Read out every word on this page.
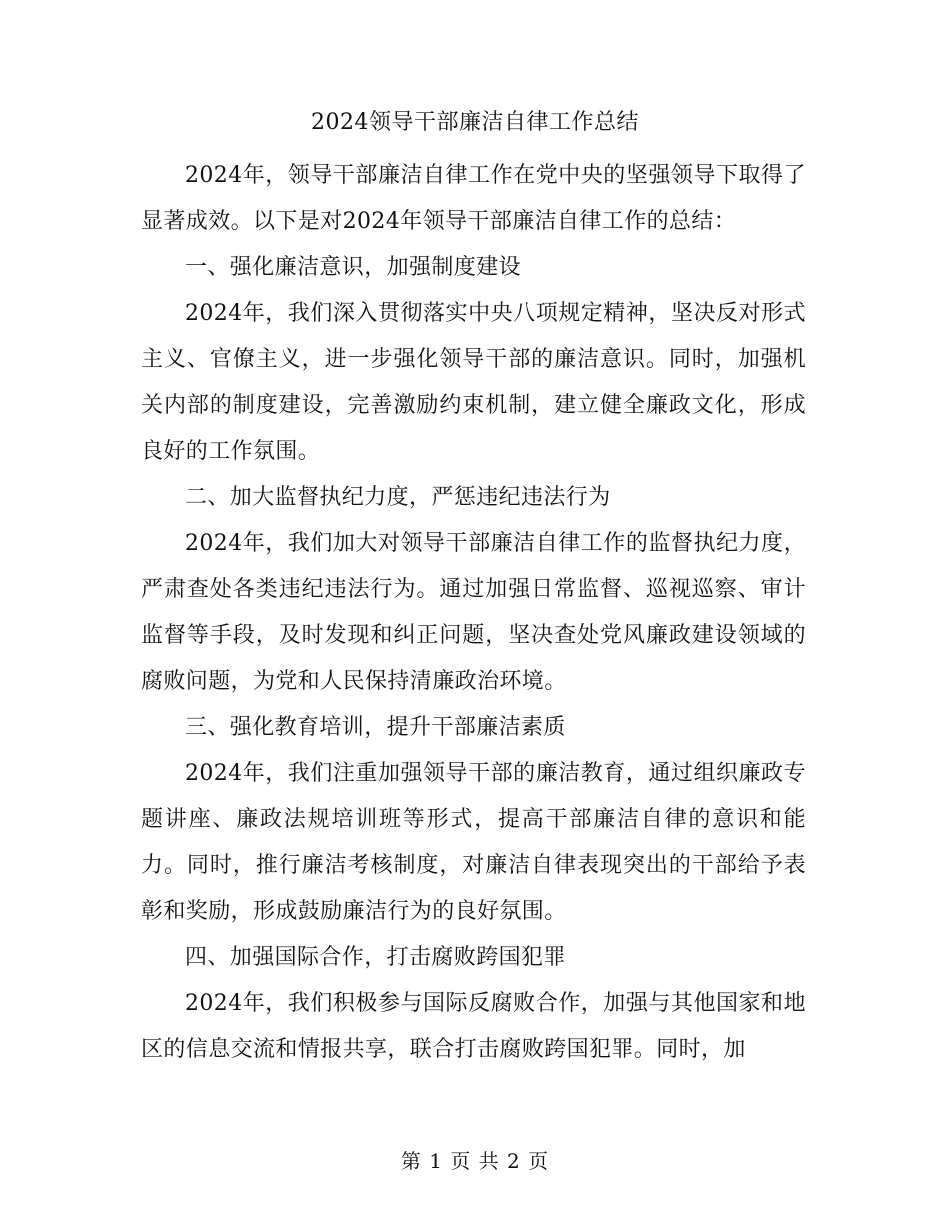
2024领导干部廉洁自律工作总结

2024年，领导干部廉洁自律工作在党中央的坚强领导下取得了显著成效。以下是对2024年领导干部廉洁自律工作的总结：

一、强化廉洁意识，加强制度建设

2024年，我们深入贯彻落实中央八项规定精神，坚决反对形式主义、官僚主义，进一步强化领导干部的廉洁意识。同时，加强机关内部的制度建设，完善激励约束机制，建立健全廉政文化，形成良好的工作氛围。

二、加大监督执纪力度，严惩违纪违法行为

2024年，我们加大对领导干部廉洁自律工作的监督执纪力度，严肃查处各类违纪违法行为。通过加强日常监督、巡视巡察、审计监督等手段，及时发现和纠正问题，坚决查处党风廉政建设领域的腐败问题，为党和人民保持清廉政治环境。

三、强化教育培训，提升干部廉洁素质

2024年，我们注重加强领导干部的廉洁教育，通过组织廉政专题讲座、廉政法规培训班等形式，提高干部廉洁自律的意识和能力。同时，推行廉洁考核制度，对廉洁自律表现突出的干部给予表彰和奖励，形成鼓励廉洁行为的良好氛围。

四、加强国际合作，打击腐败跨国犯罪

2024年，我们积极参与国际反腐败合作，加强与其他国家和地区的信息交流和情报共享，联合打击腐败跨国犯罪。同时，加

第 1 页 共 2 页
